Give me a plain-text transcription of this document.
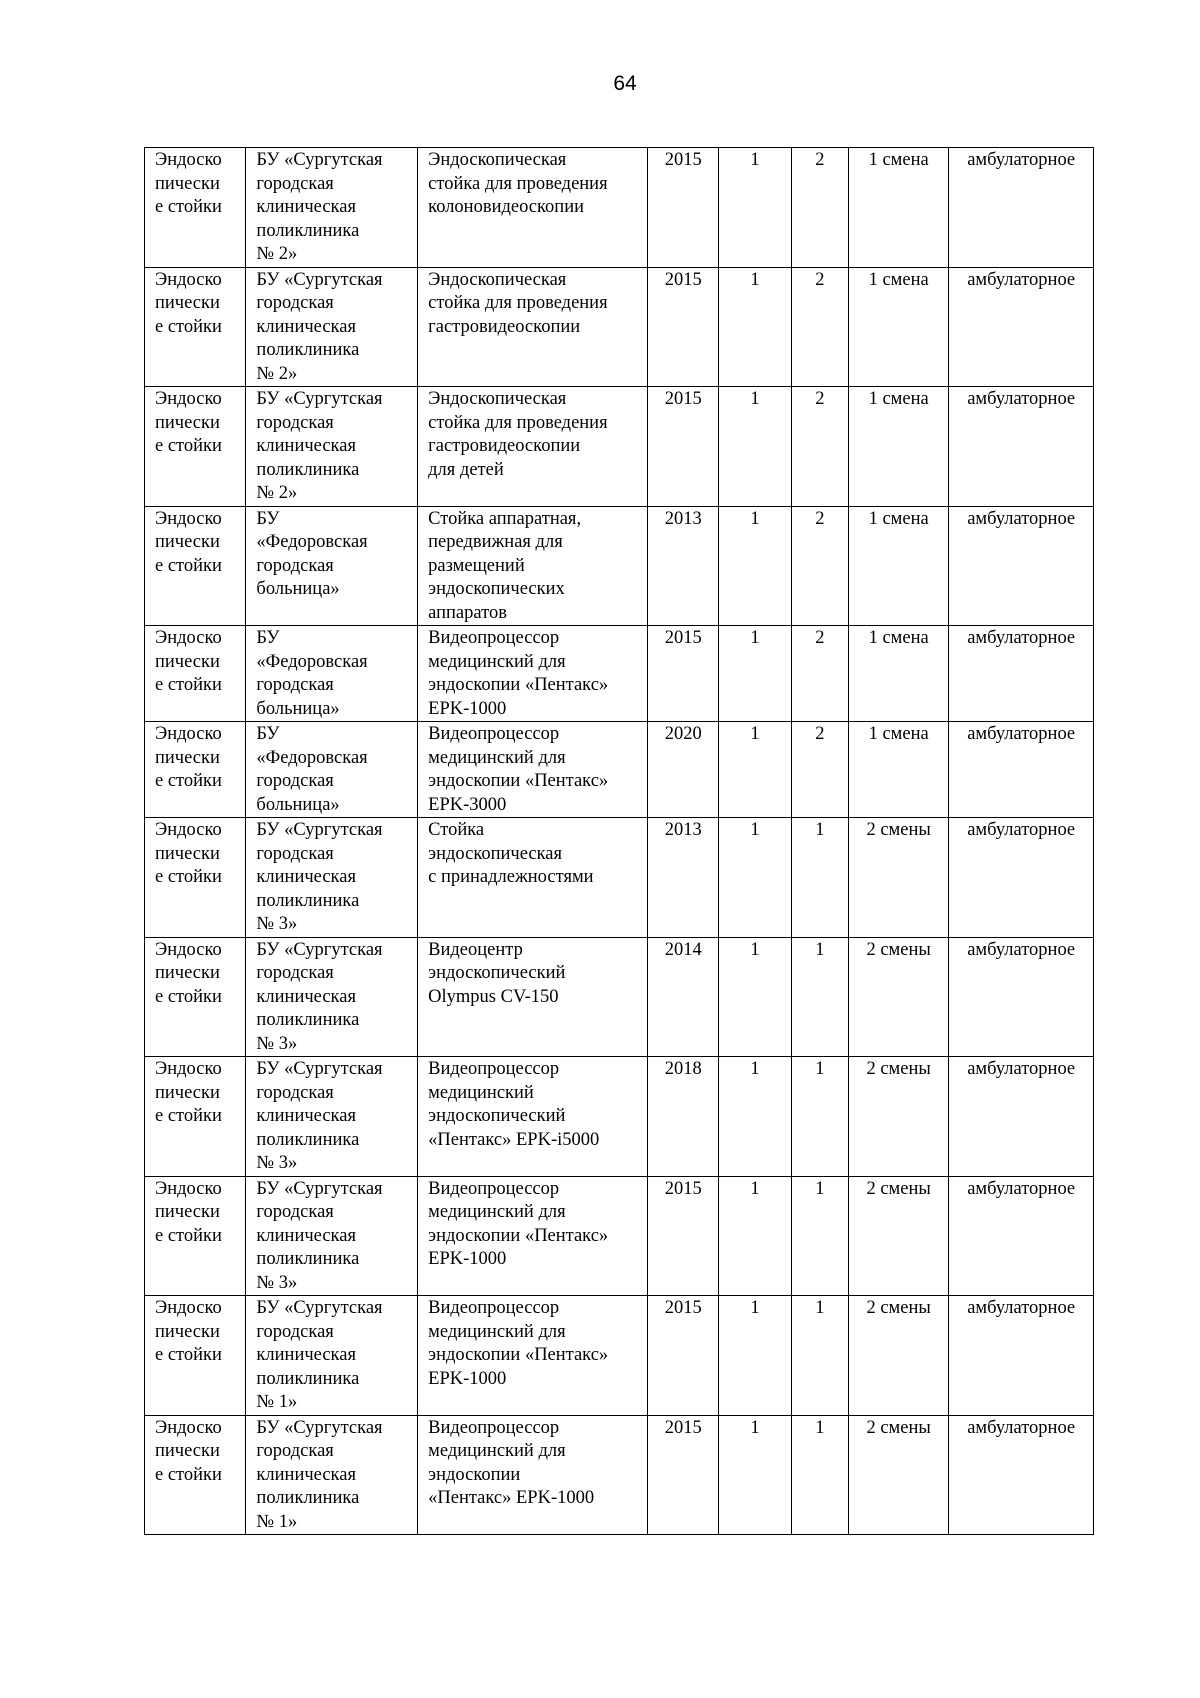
64
Эндоско
пически
е стойки	БУ «Сургутская
городская
клиническая
поликлиника
№ 2»	Эндоскопическая
стойка для проведения
колоновидеоскопии	2015	1	2	1 смена	амбулаторное
Эндоско
пически
е стойки	БУ «Сургутская
городская
клиническая
поликлиника
№ 2»	Эндоскопическая
стойка для проведения
гастровидеоскопии	2015	1	2	1 смена	амбулаторное
Эндоско
пически
е стойки	БУ «Сургутская
городская
клиническая
поликлиника
№ 2»	Эндоскопическая
стойка для проведения
гастровидеоскопии
для детей	2015	1	2	1 смена	амбулаторное
Эндоско
пически
е стойки	БУ
«Федоровская
городская
больница»	Стойка аппаратная,
передвижная для
размещений
эндоскопических
аппаратов	2013	1	2	1 смена	амбулаторное
Эндоско
пически
е стойки	БУ
«Федоровская
городская
больница»	Видеопроцессор
медицинский для
эндоскопии «Пентакс»
EPK-1000	2015	1	2	1 смена	амбулаторное
Эндоско
пически
е стойки	БУ
«Федоровская
городская
больница»	Видеопроцессор
медицинский для
эндоскопии «Пентакс»
EPK-3000	2020	1	2	1 смена	амбулаторное
Эндоско
пически
е стойки	БУ «Сургутская
городская
клиническая
поликлиника
№ 3»	Стойка
эндоскопическая
с принадлежностями	2013	1	1	2 смены	амбулаторное
Эндоско
пически
е стойки	БУ «Сургутская
городская
клиническая
поликлиника
№ 3»	Видеоцентр
эндоскопический
Olympus CV-150	2014	1	1	2 смены	амбулаторное
Эндоско
пически
е стойки	БУ «Сургутская
городская
клиническая
поликлиника
№ 3»	Видеопроцессор
медицинский
эндоскопический
«Пентакс» EPK-i5000	2018	1	1	2 смены	амбулаторное
Эндоско
пически
е стойки	БУ «Сургутская
городская
клиническая
поликлиника
№ 3»	Видеопроцессор
медицинский для
эндоскопии «Пентакс»
EPK-1000	2015	1	1	2 смены	амбулаторное
Эндоско
пически
е стойки	БУ «Сургутская
городская
клиническая
поликлиника
№ 1»	Видеопроцессор
медицинский для
эндоскопии «Пентакс»
EPK-1000	2015	1	1	2 смены	амбулаторное
Эндоско
пически
е стойки	БУ «Сургутская
городская
клиническая
поликлиника
№ 1»	Видеопроцессор
медицинский для
эндоскопии
«Пентакс» EPK-1000	2015	1	1	2 смены	амбулаторное
